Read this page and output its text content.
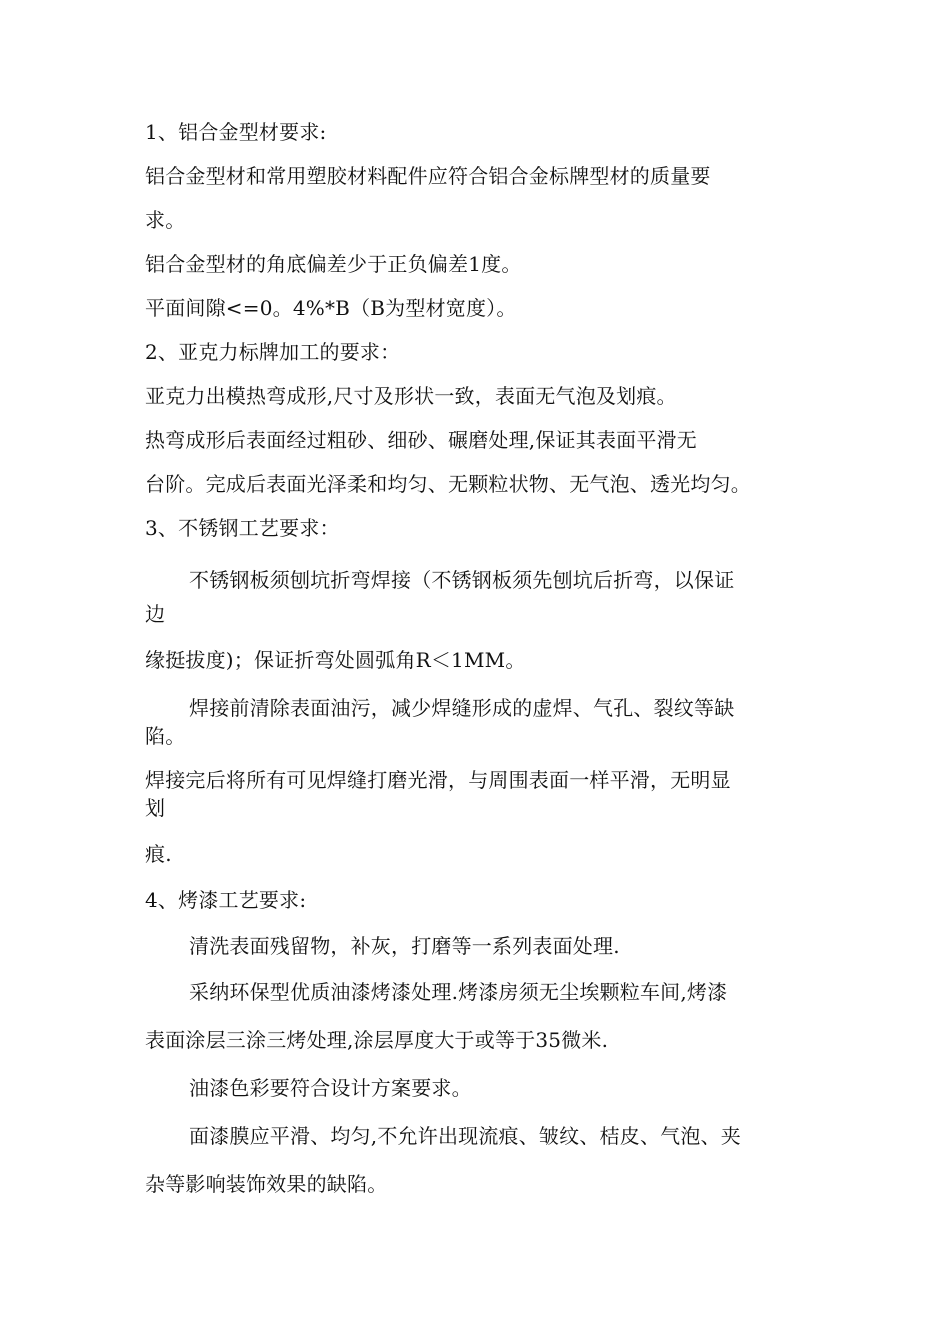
1、铝合金型材要求:
铝合金型材和常用塑胶材料配件应符合铝合金标牌型材的质量要
求。
铝合金型材的角底偏差少于正负偏差1度。
平面间隙<=0。4%*B（B为型材宽度）。
2、亚克力标牌加工的要求：
亚克力出模热弯成形,尺寸及形状一致，表面无气泡及划痕。
热弯成形后表面经过粗砂、细砂、碾磨处理,保证其表面平滑无
台阶。完成后表面光泽柔和均匀、无颗粒状物、无气泡、透光均匀。
3、不锈钢工艺要求：
不锈钢板须刨坑折弯焊接（不锈钢板须先刨坑后折弯，以保证
边
缘挺拔度)；保证折弯处圆弧角R＜1MM。
焊接前清除表面油污，减少焊缝形成的虚焊、气孔、裂纹等缺
陷。
焊接完后将所有可见焊缝打磨光滑，与周围表面一样平滑，无明显
划
痕.
4、烤漆工艺要求:
清洗表面残留物，补灰，打磨等一系列表面处理.
采纳环保型优质油漆烤漆处理.烤漆房须无尘埃颗粒车间,烤漆
表面涂层三涂三烤处理,涂层厚度大于或等于35微米.
油漆色彩要符合设计方案要求。
面漆膜应平滑、均匀,不允许出现流痕、皱纹、桔皮、气泡、夹
杂等影响装饰效果的缺陷。
